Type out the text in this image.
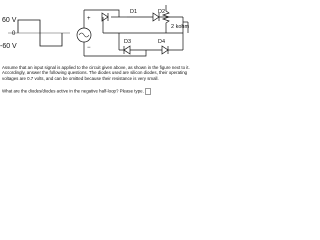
60 V
0
-60 V
+
−
D1	D2
D3	D4
2 kohm

Assume that an input signal is applied to the circuit given above, as shown in the figure next to it. Accordingly, answer the following questions. The diodes used are silicon diodes, their operating voltages are 0.7 volts, and can be omitted because their resistance is very small.

What are the diodes/diodes active in the negative half-loop? Please type.
